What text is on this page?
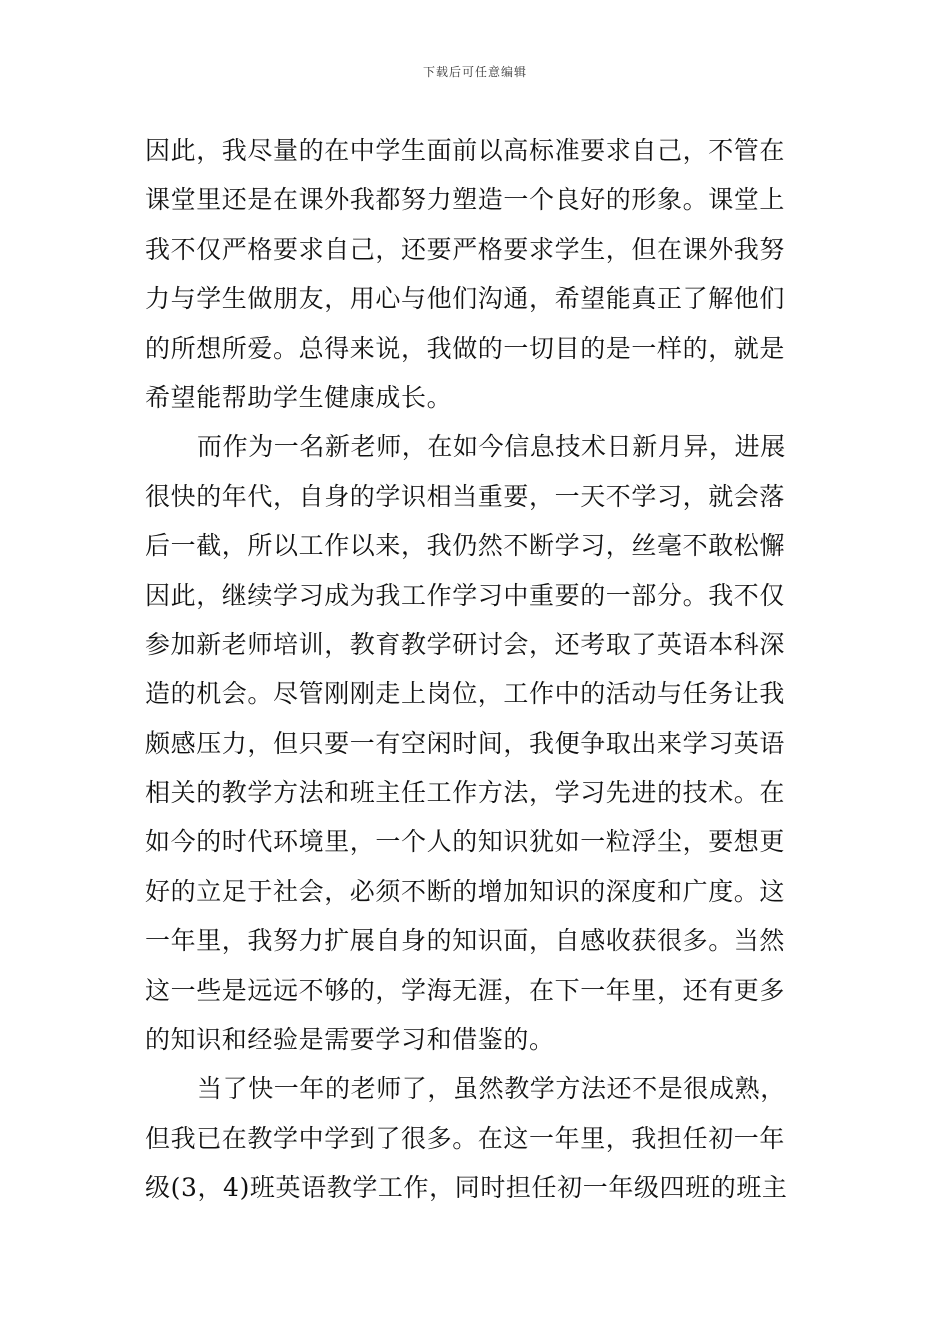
下载后可任意编辑
因此，我尽量的在中学生面前以高标准要求自己，不管在
课堂里还是在课外我都努力塑造一个良好的形象。课堂上
我不仅严格要求自己，还要严格要求学生，但在课外我努
力与学生做朋友，用心与他们沟通，希望能真正了解他们
的所想所爱。总得来说，我做的一切目的是一样的，就是
希望能帮助学生健康成长。
而作为一名新老师，在如今信息技术日新月异，进展
很快的年代，自身的学识相当重要，一天不学习，就会落
后一截，所以工作以来，我仍然不断学习，丝毫不敢松懈
因此，继续学习成为我工作学习中重要的一部分。我不仅
参加新老师培训，教育教学研讨会，还考取了英语本科深
造的机会。尽管刚刚走上岗位，工作中的活动与任务让我
颇感压力，但只要一有空闲时间，我便争取出来学习英语
相关的教学方法和班主任工作方法，学习先进的技术。在
如今的时代环境里，一个人的知识犹如一粒浮尘，要想更
好的立足于社会，必须不断的增加知识的深度和广度。这
一年里，我努力扩展自身的知识面，自感收获很多。当然
这一些是远远不够的，学海无涯，在下一年里，还有更多
的知识和经验是需要学习和借鉴的。
当了快一年的老师了，虽然教学方法还不是很成熟，
但我已在教学中学到了很多。在这一年里，我担任初一年
级(3，4)班英语教学工作，同时担任初一年级四班的班主
